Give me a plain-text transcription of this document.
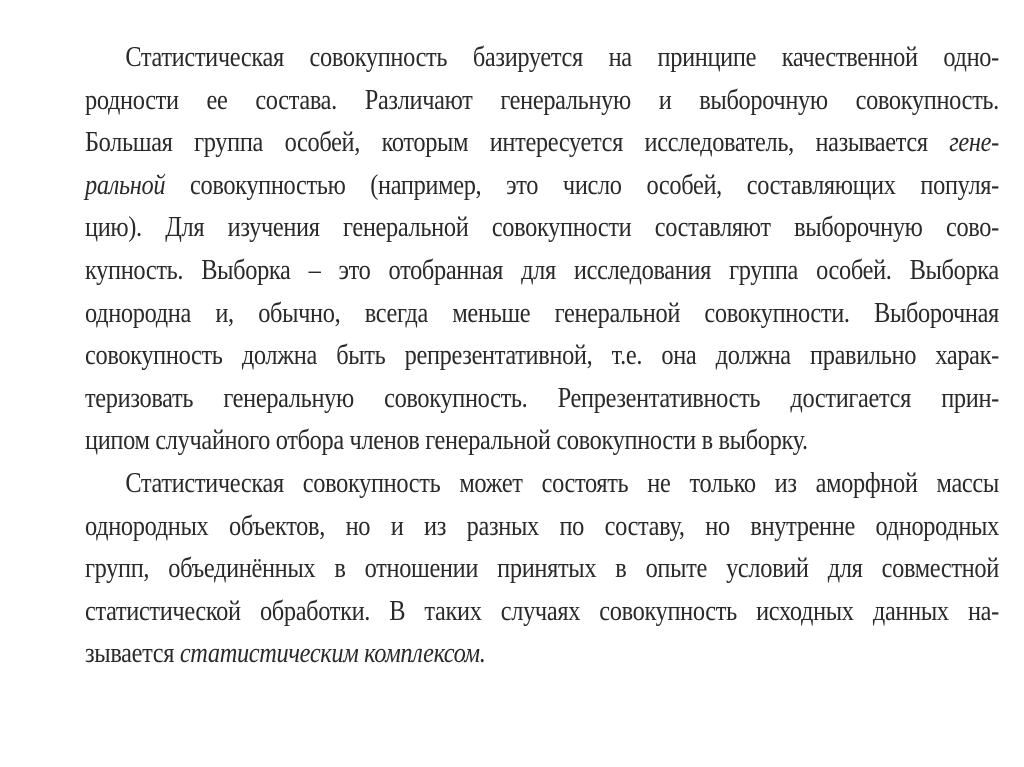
Статистическая совокупность базируется на принципе качественной одно-
родности ее состава. Различают генеральную и выборочную совокупность.
Большая группа особей, которым интересуется исследователь, называется гене-
ральной совокупностью (например, это число особей, составляющих популя-
цию). Для изучения генеральной совокупности составляют выборочную сово-
купность. Выборка – это отобранная для исследования группа особей. Выборка
однородна и, обычно, всегда меньше генеральной совокупности. Выборочная
совокупность должна быть репрезентативной, т.е. она должна правильно харак-
теризовать генеральную совокупность. Репрезентативность достигается прин-
ципом случайного отбора членов генеральной совокупности в выборку.
Статистическая совокупность может состоять не только из аморфной массы
однородных объектов, но и из разных по составу, но внутренне однородных
групп, объединённых в отношении принятых в опыте условий для совместной
статистической обработки. В таких случаях совокупность исходных данных на-
зывается статистическим комплексом.
